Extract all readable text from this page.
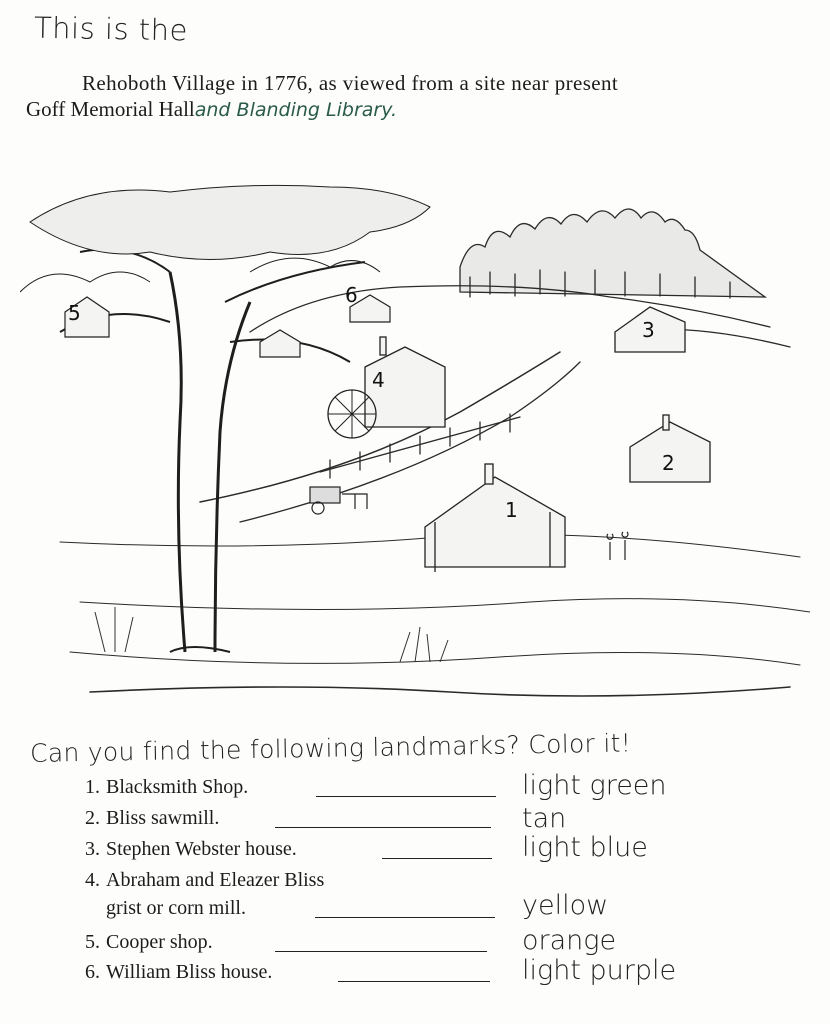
This is the
Rehoboth Village in 1776, as viewed from a site near present
Goff Memorial Halland Blanding Library.
1
2
3
4
5
6
Can you find the following landmarks? Color it!
1. Blacksmith Shop.	light green
2. Bliss sawmill.	tan
3. Stephen Webster house.	light blue
4. Abraham and Eleazer Bliss
grist or corn mill.	yellow
5. Cooper shop.	orange
6. William Bliss house.	light purple
